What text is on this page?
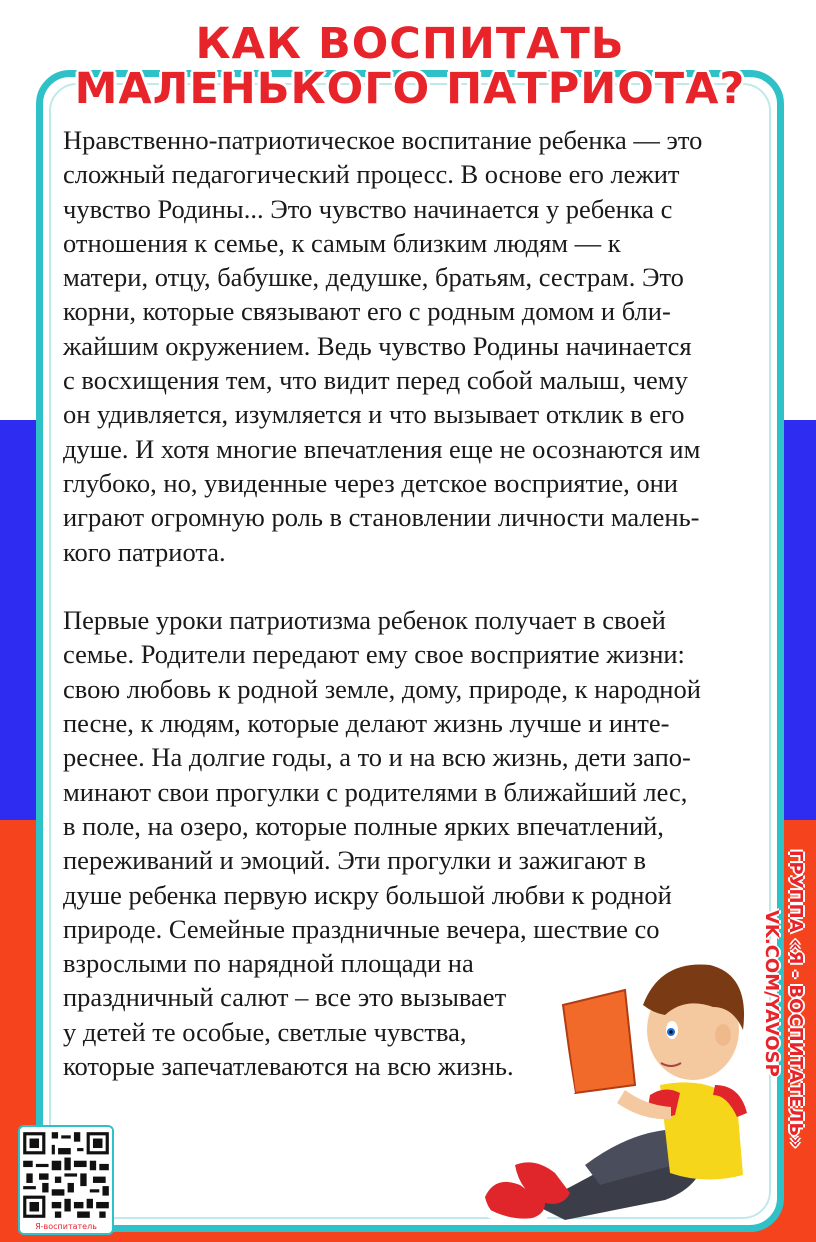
КАК ВОСПИТАТЬ
МАЛЕНЬКОГО ПАТРИОТА?
Нравственно-патриотическое воспитание ребенка — это
сложный педагогический процесс. В основе его лежит
чувство Родины... Это чувство начинается у ребенка с
отношения к семье, к самым близким людям — к
матери, отцу, бабушке, дедушке, братьям, сестрам. Это
корни, которые связывают его с родным домом и бли-
жайшим окружением. Ведь чувство Родины начинается
с восхищения тем, что видит перед собой малыш, чему
он удивляется, изумляется и что вызывает отклик в его
душе. И хотя многие впечатления еще не осознаются им
глубоко, но, увиденные через детское восприятие, они
играют огромную роль в становлении личности малень-
кого патриота.
Первые уроки патриотизма ребенок получает в своей
семье. Родители передают ему свое восприятие жизни:
свою любовь к родной земле, дому, природе, к народной
песне, к людям, которые делают жизнь лучше и инте-
реснее. На долгие годы, а то и на всю жизнь, дети запо-
минают свои прогулки с родителями в ближайший лес,
в поле, на озеро, которые полные ярких впечатлений,
переживаний и эмоций. Эти прогулки и зажигают в
душе ребенка первую искру большой любви к родной
природе. Семейные праздничные вечера, шествие со
взрослыми по нарядной площади на
праздничный салют – все это вызывает
у детей те особые, светлые чувства,
которые запечатлеваются на всю жизнь.	ГРУППА «Я - ВОСПИТАТЕЛЬ»
VK.COM/YAVOSP
Я-воспитатель
